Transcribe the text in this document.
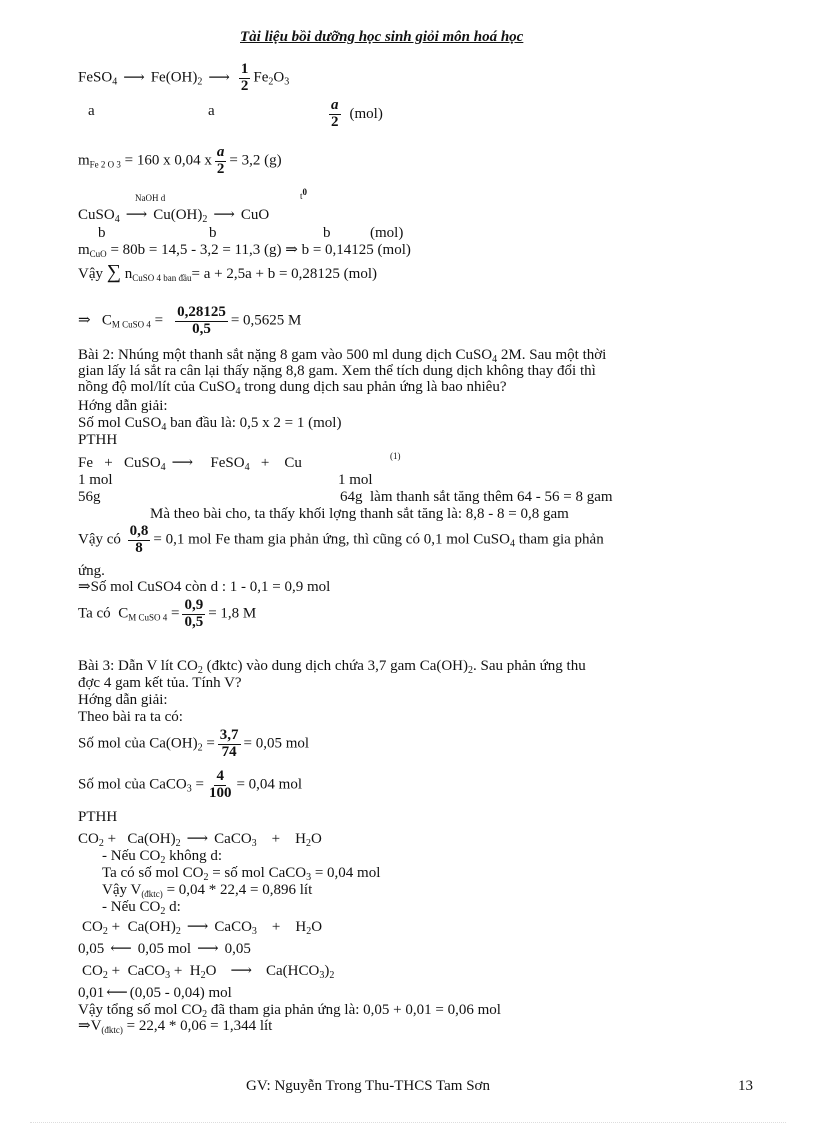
Tài liệu bồi dưỡng học sinh giỏi môn hoá học
FeSO$_4$ ⟶ $Fe(OH)_2$ ⟶ $\frac{1}{2} Fe_2O_3$
a	a	$\frac{a}{2} (mol)$
$m_{Fe 2 O 3} = 160$ x 0,04 x $\frac{a}{2} = 3,2$ (g)
NaOH d	$t^0$
CuSO$_4$ ⟶ $Cu(OH)_2$ ⟶ CuO
b	b	b	(mol)
$m_{CuO} = 80b = 14,5 - 3,2 = 11,3$ (g) ⇒ b = 0,14125 (mol)
Vậy ∑ $n_{CuSO 4 ban đầu}= a + 2,5a + b = 0,28125$ (mol)
⇒ $C_{M CuSO 4} = \frac{0,28125}{0,5} = 0,5625$ M
Bài 2: Nhúng một thanh sắt nặng 8 gam vào 500 ml dung dịch CuSO$_4$ 2M. Sau một thời
gian lấy lá sắt ra cân lại thấy nặng 8,8 gam. Xem thể tích dung dịch không thay đổi thì
nồng độ mol/lít của CuSO$_4$ trong dung dịch sau phản ứng là bao nhiêu?
Hớng dẫn giải:
Số mol CuSO$_4$ ban đầu là: 0,5 x 2 = 1 (mol)
PTHH
Fe + CuSO$_4$ ⟶ FeSO$_4$ + Cu	(1)
1 mol	1 mol
56g	64g làm thanh sắt tăng thêm 64 - 56 = 8 gam
Mà theo bài cho, ta thấy khối lợng thanh sắt tăng là: 8,8 - 8 = 0,8 gam
Vậy có $\frac{0,8}{8} = 0,1$ mol Fe tham gia phản ứng, thì cũng có 0,1 mol CuSO$_4$ tham gia phản
ứng.
⇒Số mol CuSO4 còn d : 1 - 0,1 = 0,9 mol
Ta có $C_{M CuSO 4} = \frac{0,9}{0,5} = 1,8$ M
Bài 3: Dẫn V lít $CO_2$ (đktc) vào dung dịch chứa 3,7 gam $Ca(OH)_2$. Sau phản ứng thu
đợc 4 gam kết tủa. Tính V?
Hớng dẫn giải:
Theo bài ra ta có:
Số mol của $Ca(OH)_2 = \frac{3,7}{74} = 0,05$ mol
Số mol của CaCO$_3$ = $\frac{4}{100} = 0,04$ mol
PTHH
$CO_2 + Ca(OH)_2$ ⟶ CaCO$_3$ + $H_2O$
- Nếu $CO_2$ không d:
Ta có số mol $CO_2$ = số mol CaCO$_3$ = 0,04 mol
Vậy $V_{(đktc)} = 0,04 * 22,4 = 0,896$ lít
- Nếu $CO_2$ d:
$CO_2 + Ca(OH)_2$ ⟶ CaCO$_3$ + $H_2O$
0,05 ⟵ 0,05 mol ⟶ 0,05
$CO_2$ + CaCO$_3$ + $H_2O$ ⟶ $Ca(HCO_3)_2$
0,01 ⟵ (0,05 - 0,04) mol
Vậy tổng số mol $CO_2$ đã tham gia phản ứng là: 0,05 + 0,01 = 0,06 mol
$\Rightarrow V_{(đktc)} = 22,4 * 0,06 = 1,344$ lít
GV: Nguyễn Trong Thu-THCS Tam Sơn	13
